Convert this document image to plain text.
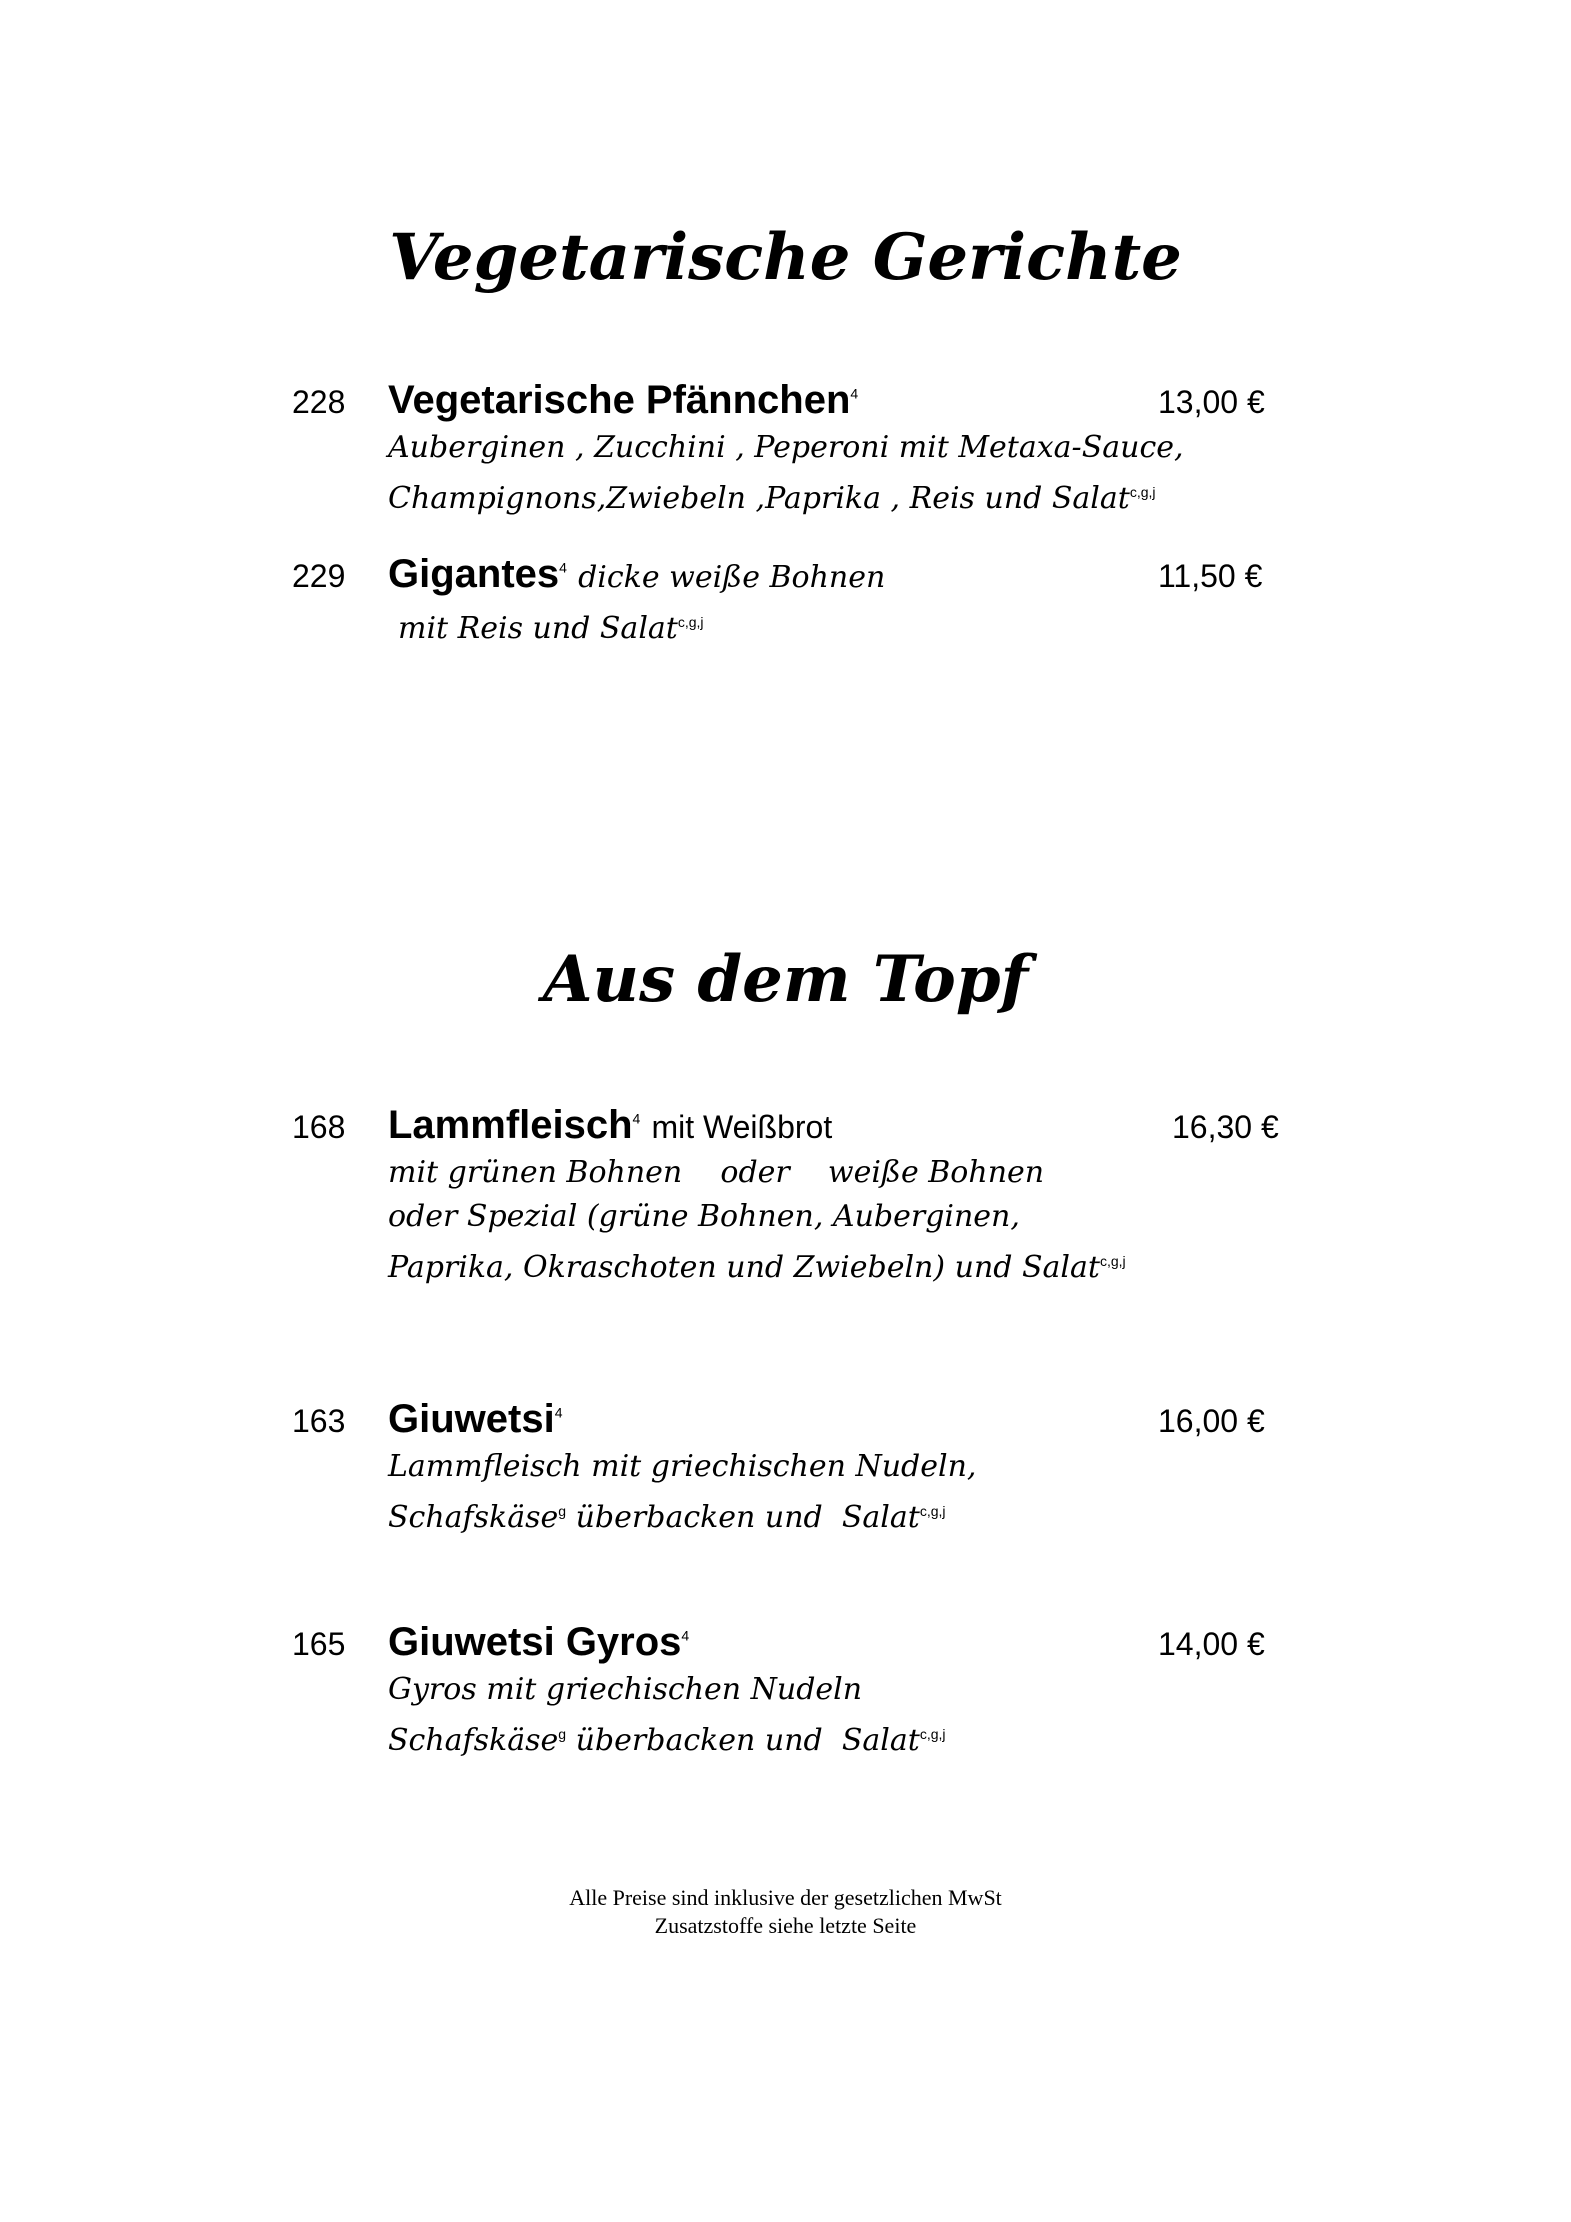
Vegetarische Gerichte
228 Vegetarische Pfännchen$^4$	13,00 €
Auberginen , Zucchini , Peperoni mit Metaxa-Sauce,
Champignons,Zwiebeln ,Paprika , Reis und Salat$^{c,g,j}$
229 Gigantes$^4$ dicke weiße Bohnen	11,50 €
mit Reis und Salat$^{c,g,j}$
Aus dem Topf
168 Lammfleisch$^4$ mit Weißbrot	16,30 €
mit grünen Bohnen    oder    weiße Bohnen
oder Spezial (grüne Bohnen, Auberginen,
Paprika, Okraschoten und Zwiebeln) und Salat$^{c,g,j}$
163 Giuwetsi$^4$	16,00 €
Lammfleisch mit griechischen Nudeln,
Schafskäse$^g$ überbacken und  Salat$^{c,g,j}$
165 Giuwetsi Gyros$^4$	14,00 €
Gyros mit griechischen Nudeln
Schafskäse$^g$ überbacken und  Salat$^{c,g,j}$
Alle Preise sind inklusive der gesetzlichen MwSt
Zusatzstoffe siehe letzte Seite
